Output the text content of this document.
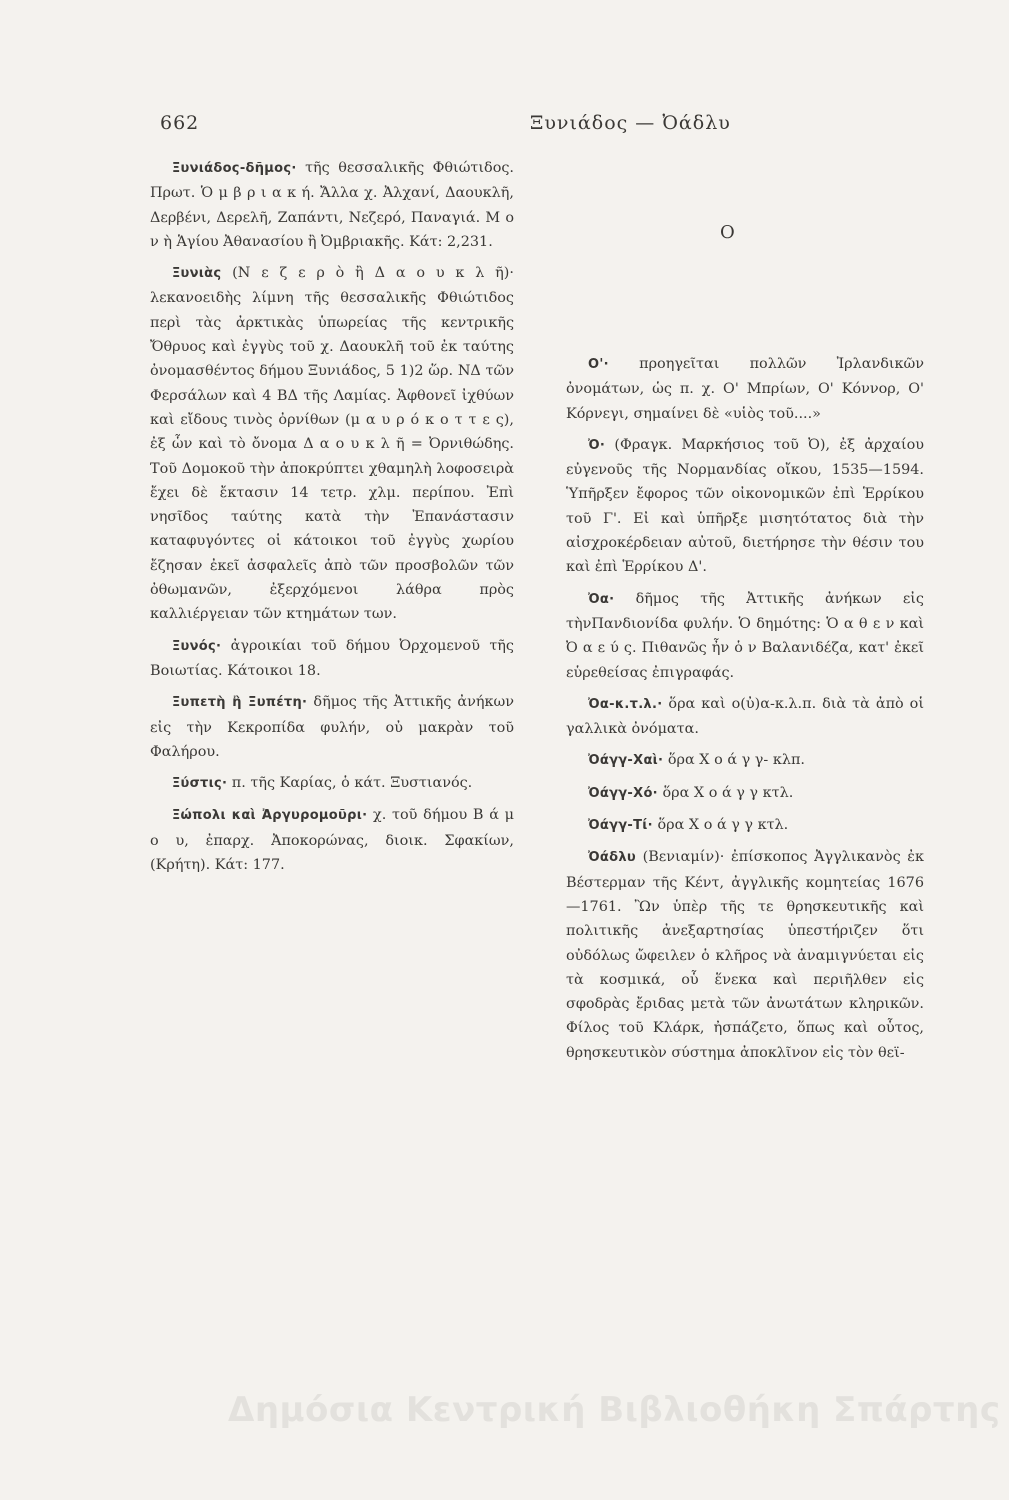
662	Ξυνιάδος — Ὀάδλυ

Ξυνιάδος-δῆμος· τῆς θεσσαλικῆς Φθιώτιδος. Πρωτ. Ὁ μ β ρ ι α κ ή. Ἄλλα χ. Ἀλχανί, Δαουκλῆ, Δερβένι, Δερελῆ, Ζαπάντι, Νεζερό, Παναγιά. Μ ο ν ὴ Ἁγίου Ἀθανασίου ἢ Ὀμβριακῆς. Κάτ: 2,231.

Ξυνιὰς (Ν ε ζ ε ρ ὸ ἢ Δ α ο υ κ λ ῆ)· λεκανοειδὴς λίμνη τῆς θεσσαλικῆς Φθιώτιδος περὶ τὰς ἀρκτικὰς ὑπωρείας τῆς κεντρικῆς Ὄθρυος καὶ ἐγγὺς τοῦ χ. Δαουκλῆ τοῦ ἐκ ταύτης ὀνομασθέντος δήμου Ξυνιάδος, 5 1)2 ὥρ. ΝΔ τῶν Φερσάλων καὶ 4 ΒΔ τῆς Λαμίας. Ἀφθονεῖ ἰχθύων καὶ εἴδους τινὸς ὀρνίθων (μ α υ ρ ό κ ο τ τ ε ς), ἐξ ὧν καὶ τὸ ὄνομα Δ α ο υ κ λ ῆ = Ὀρνιθώδης. Τοῦ Δομοκοῦ τὴν ἀποκρύπτει χθαμηλὴ λοφοσειρὰ ἔχει δὲ ἔκτασιν 14 τετρ. χλμ. περίπου. Ἐπὶ νησῖδος ταύτης κατὰ τὴν Ἐπανάστασιν καταφυγόντες οἱ κάτοικοι τοῦ ἐγγὺς χωρίου ἔζησαν ἐκεῖ ἀσφαλεῖς ἀπὸ τῶν προσβολῶν τῶν ὀθωμανῶν, ἐξερχόμενοι λάθρα πρὸς καλλιέργειαν τῶν κτημάτων των.

Ξυνός· ἀγροικίαι τοῦ δήμου Ὀρχομενοῦ τῆς Βοιωτίας. Κάτοικοι 18.

Ξυπετὴ ἢ Ξυπέτη· δῆμος τῆς Ἀττικῆς ἀνήκων εἰς τὴν Κεκροπίδα φυλήν, οὐ μακρὰν τοῦ Φαλήρου.

Ξύστις· π. τῆς Καρίας, ὁ κάτ. Ξυστιανός.

Ξώπολι καὶ Ἀργυρομοῦρι· χ. τοῦ δήμου Β ά μ ο υ, ἐπαρχ. Ἀποκορώνας, διοικ. Σφακίων, (Κρήτη). Κάτ: 177.

Ο

Ο'· προηγεῖται πολλῶν Ἰρλανδικῶν ὀνομάτων, ὡς π. χ. Ο' Μπρίων, Ο' Κόννορ, Ο' Κόρνεγι, σημαίνει δὲ «υἱὸς τοῦ....»

Ὀ· (Φραγκ. Μαρκήσιος τοῦ Ὀ), ἐξ ἀρχαίου εὐγενοῦς τῆς Νορμανδίας οἴκου, 1535—1594. Ὑπῆρξεν ἔφορος τῶν οἰκονομικῶν ἐπὶ Ἑρρίκου τοῦ Γ'. Εἰ καὶ ὑπῆρξε μισητότατος διὰ τὴν αἰσχροκέρδειαν αὐτοῦ, διετήρησε τὴν θέσιν του καὶ ἐπὶ Ἑρρίκου Δ'.

Ὀα· δῆμος τῆς Ἀττικῆς ἀνήκων εἰς τὴνΠανδιονίδα φυλήν. Ὁ δημότης: Ὁ α θ ε ν καὶ Ὀ α ε ύ ς. Πιθανῶς ἦν ὁ ν Βαλανιδέζα, κατ' ἐκεῖ εὑρεθείσας ἐπιγραφάς.

Ὀα-κ.τ.λ.· ὅρα καὶ ο(ὐ)α-κ.λ.π. διὰ τὰ ἀπὸ οἱ γαλλικὰ ὀνόματα.

Ὀάγγ-Χαὶ· ὅρα Χ ο ά γ γ- κλπ.

Ὀάγγ-Χό· ὅρα Χ ο ά γ γ κτλ.

Ὀάγγ-Τί· ὅρα Χ ο ά γ γ κτλ.

Ὀάδλυ (Βενιαμίν)· ἐπίσκοπος Ἀγγλικανὸς ἐκ Βέστερμαν τῆς Κέντ, ἀγγλικῆς κομητείας 1676—1761. Ὢν ὑπὲρ τῆς τε θρησκευτικῆς καὶ πολιτικῆς ἀνεξαρτησίας ὑπεστήριζεν ὅτι οὐδόλως ὤφειλεν ὁ κλῆρος νὰ ἀναμιγνύεται εἰς τὰ κοσμικά, οὗ ἕνεκα καὶ περιῆλθεν εἰς σφοδρὰς ἔριδας μετὰ τῶν ἀνωτάτων κληρικῶν. Φίλος τοῦ Κλάρκ, ἠσπάζετο, ὅπως καὶ οὗτος, θρησκευτικὸν σύστημα ἀποκλῖνον εἰς τὸν θεϊ-

Δημόσια Κεντρική Βιβλιοθήκη Σπάρτης
